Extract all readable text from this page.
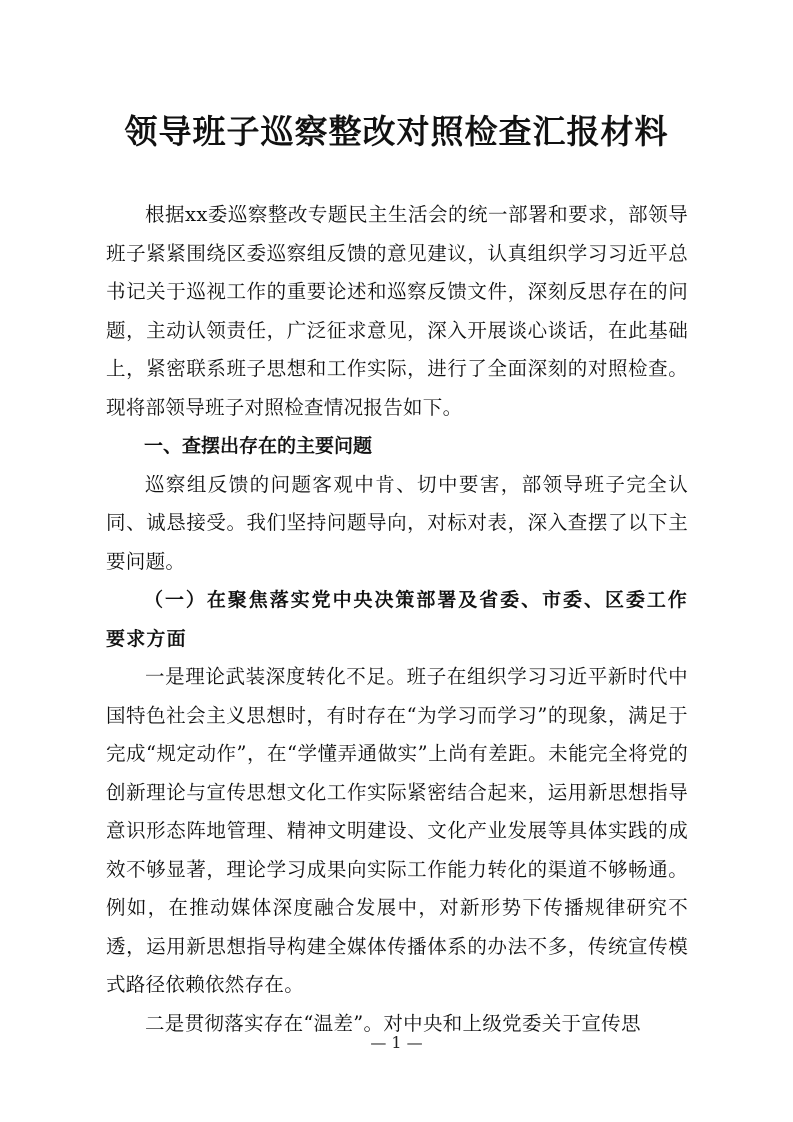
领导班子巡察整改对照检查汇报材料

根据xx委巡察整改专题民主生活会的统一部署和要求，部领导班子紧紧围绕区委巡察组反馈的意见建议，认真组织学习习近平总书记关于巡视工作的重要论述和巡察反馈文件，深刻反思存在的问题，主动认领责任，广泛征求意见，深入开展谈心谈话，在此基础上，紧密联系班子思想和工作实际，进行了全面深刻的对照检查。现将部领导班子对照检查情况报告如下。

一、查摆出存在的主要问题

巡察组反馈的问题客观中肯、切中要害，部领导班子完全认同、诚恳接受。我们坚持问题导向，对标对表，深入查摆了以下主要问题。

（一）在聚焦落实党中央决策部署及省委、市委、区委工作要求方面

一是理论武装深度转化不足。班子在组织学习习近平新时代中国特色社会主义思想时，有时存在“为学习而学习”的现象，满足于完成“规定动作”，在“学懂弄通做实”上尚有差距。未能完全将党的创新理论与宣传思想文化工作实际紧密结合起来，运用新思想指导意识形态阵地管理、精神文明建设、文化产业发展等具体实践的成效不够显著，理论学习成果向实际工作能力转化的渠道不够畅通。例如，在推动媒体深度融合发展中，对新形势下传播规律研究不透，运用新思想指导构建全媒体传播体系的办法不多，传统宣传模式路径依赖依然存在。

二是贯彻落实存在“温差”。对中央和上级党委关于宣传思

— 1 —
